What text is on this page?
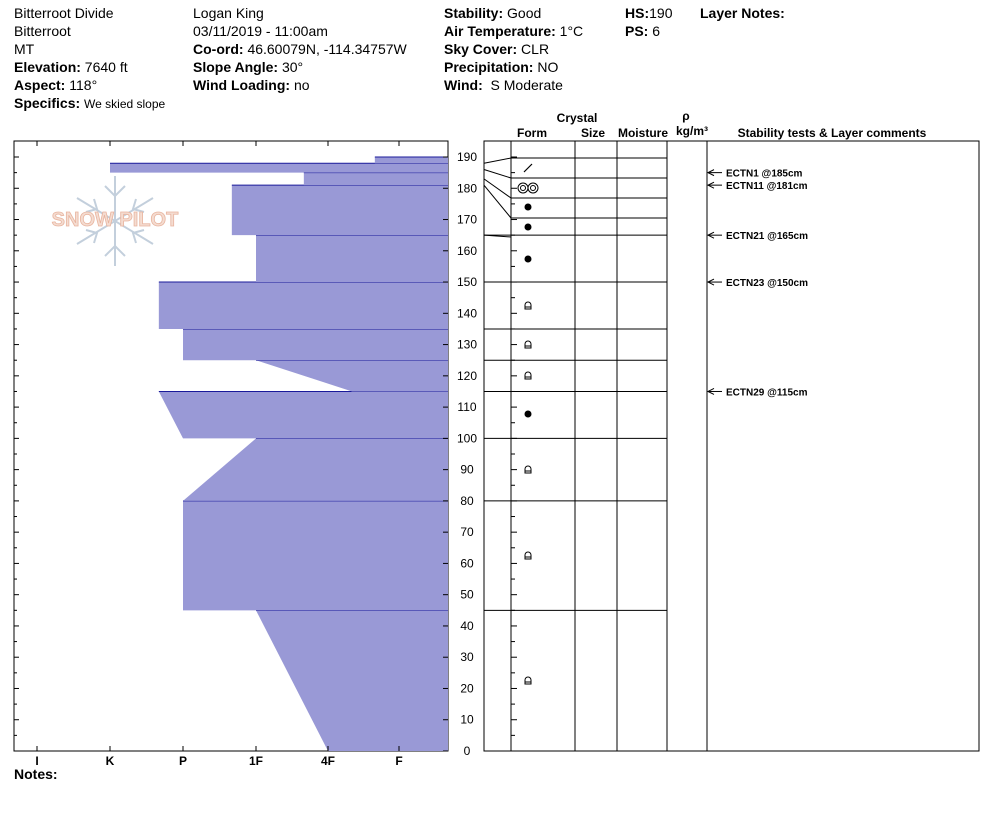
Bitterroot Divide
Bitterroot
MT
Elevation: 7640 ft
Aspect: 118°
Specifics: We skied slope
Logan King
03/11/2019 - 11:00am
Co-ord: 46.60079N, -114.34757W
Slope Angle: 30°
Wind Loading: no
Stability: Good
Air Temperature: 1°C
Sky Cover: CLR
Precipitation: NO
Wind: S Moderate
HS:190
PS: 6
Layer Notes:
Crystal
Form	Size Moisture
ρ
kg/m³ Stability tests & Layer comments
SNOW PILOT
0
10
20
30
40
50
60
70
80
90
100
110
120
130
140
150
160
170
180
190
I	K	P	1F	4F	F
ECTN1 @185cm
ECTN11 @181cm
ECTN21 @165cm
ECTN23 @150cm
ECTN29 @115cm
Notes:
